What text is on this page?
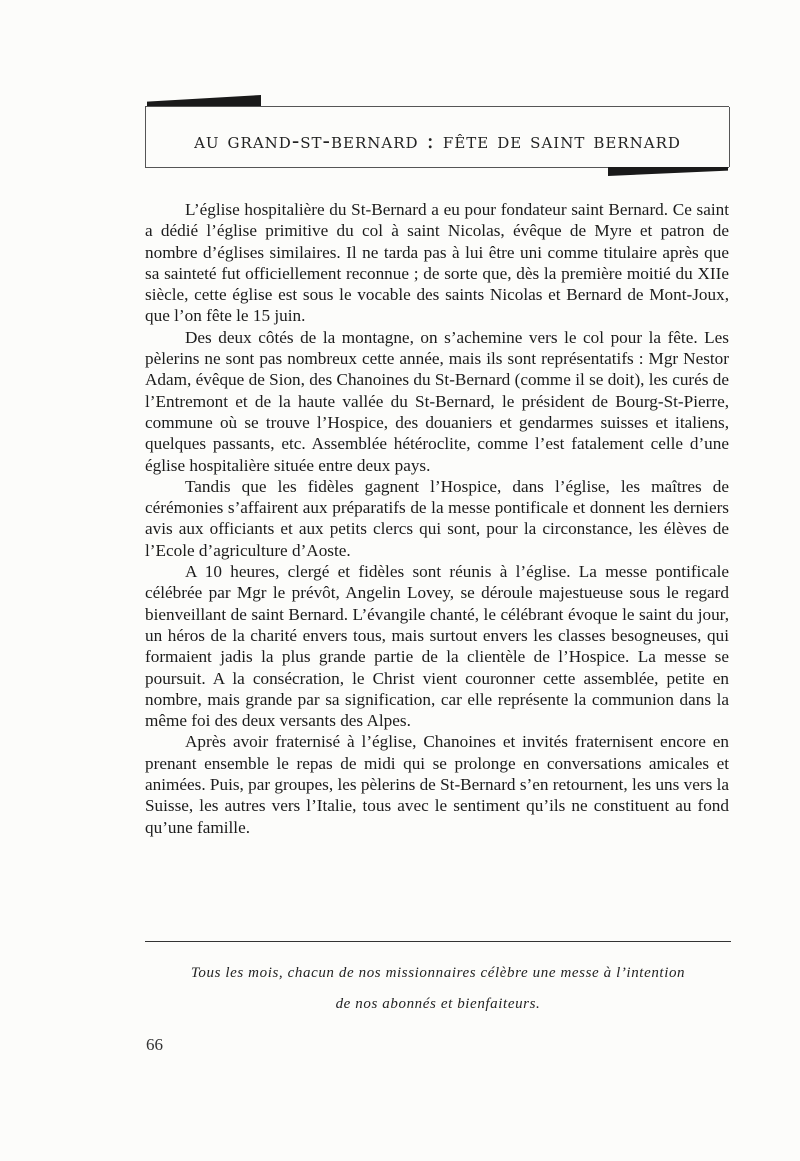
au grand-st-bernard : fête de saint bernard

L’église hospitalière du St-Bernard a eu pour fondateur saint Bernard. Ce saint a dédié l’église primitive du col à saint Nicolas, évêque de Myre et patron de nombre d’églises similaires. Il ne tarda pas à lui être uni comme titulaire après que sa sainteté fut officiellement reconnue ; de sorte que, dès la première moitié du XIIe siècle, cette église est sous le vocable des saints Nicolas et Bernard de Mont-Joux, que l’on fête le 15 juin.

Des deux côtés de la montagne, on s’achemine vers le col pour la fête. Les pèlerins ne sont pas nombreux cette année, mais ils sont représentatifs : Mgr Nestor Adam, évêque de Sion, des Chanoines du St-Bernard (comme il se doit), les curés de l’Entremont et de la haute vallée du St-Bernard, le président de Bourg-St-Pierre, commune où se trouve l’Hospice, des douaniers et gendarmes suisses et italiens, quelques passants, etc. Assemblée hétéroclite, comme l’est fatalement celle d’une église hospitalière située entre deux pays.

Tandis que les fidèles gagnent l’Hospice, dans l’église, les maîtres de cérémonies s’affairent aux préparatifs de la messe pontificale et donnent les derniers avis aux officiants et aux petits clercs qui sont, pour la circonstance, les élèves de l’Ecole d’agriculture d’Aoste.

A 10 heures, clergé et fidèles sont réunis à l’église. La messe pontificale célébrée par Mgr le prévôt, Angelin Lovey, se déroule majestueuse sous le regard bienveillant de saint Bernard. L’évangile chanté, le célébrant évoque le saint du jour, un héros de la charité envers tous, mais surtout envers les classes besogneuses, qui formaient jadis la plus grande partie de la clientèle de l’Hospice. La messe se poursuit. A la consécration, le Christ vient couronner cette assemblée, petite en nombre, mais grande par sa signification, car elle représente la communion dans la même foi des deux versants des Alpes.

Après avoir fraternisé à l’église, Chanoines et invités fraternisent encore en prenant ensemble le repas de midi qui se prolonge en conversations amicales et animées. Puis, par groupes, les pèlerins de St-Bernard s’en retournent, les uns vers la Suisse, les autres vers l’Italie, tous avec le sentiment qu’ils ne constituent au fond qu’une famille.

Tous les mois, chacun de nos missionnaires célèbre une messe à l’intention
de nos abonnés et bienfaiteurs.
66
